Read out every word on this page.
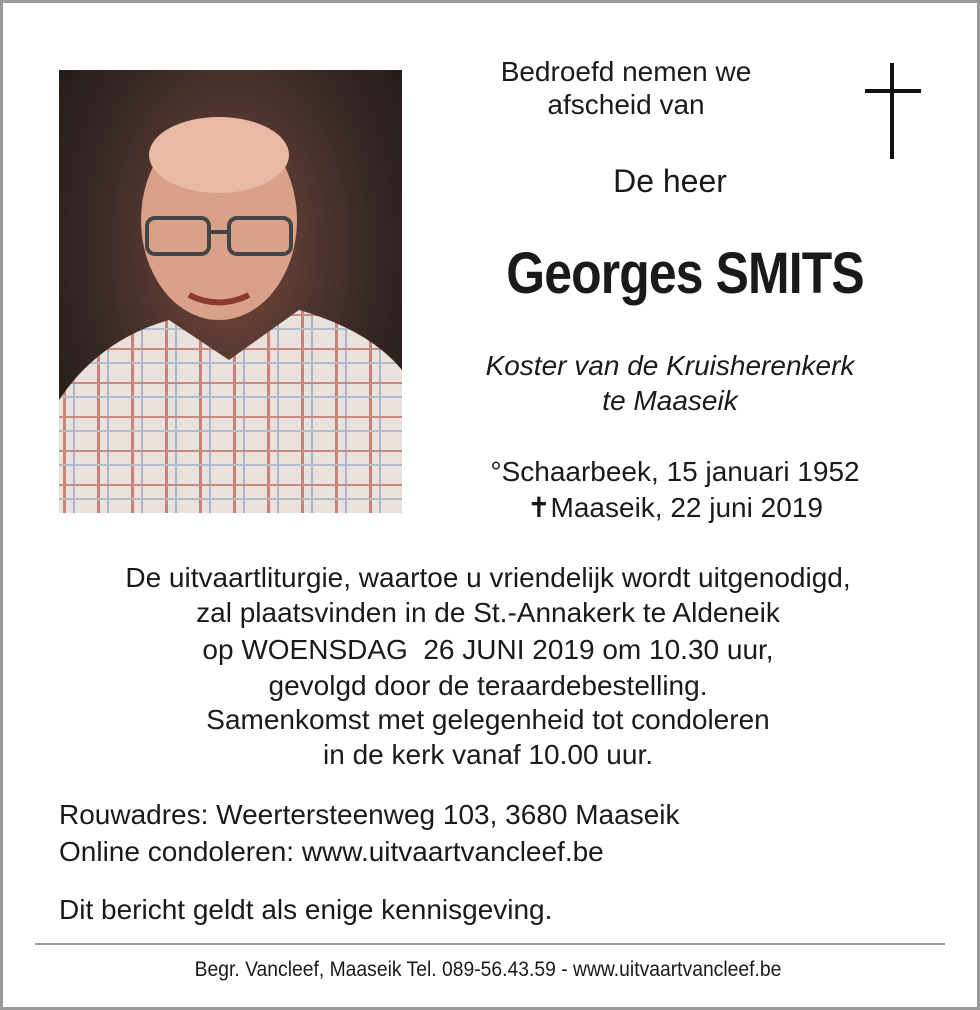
Bedroefd nemen we
afscheid van
De heer
Georges SMITS
Koster van de Kruisherenkerk
te Maaseik
°Schaarbeek, 15 januari 1952
✝Maaseik, 22 juni 2019
De uitvaartliturgie, waartoe u vriendelijk wordt uitgenodigd,
zal plaatsvinden in de St.-Annakerk te Aldeneik
op WOENSDAG  26 JUNI 2019 om 10.30 uur,
gevolgd door de teraardebestelling.
Samenkomst met gelegenheid tot condoleren
in de kerk vanaf 10.00 uur.
Rouwadres: Weertersteenweg 103, 3680 Maaseik
Online condoleren: www.uitvaartvancleef.be
Dit bericht geldt als enige kennisgeving.
Begr. Vancleef, Maaseik Tel. 089-56.43.59 - www.uitvaartvancleef.be
